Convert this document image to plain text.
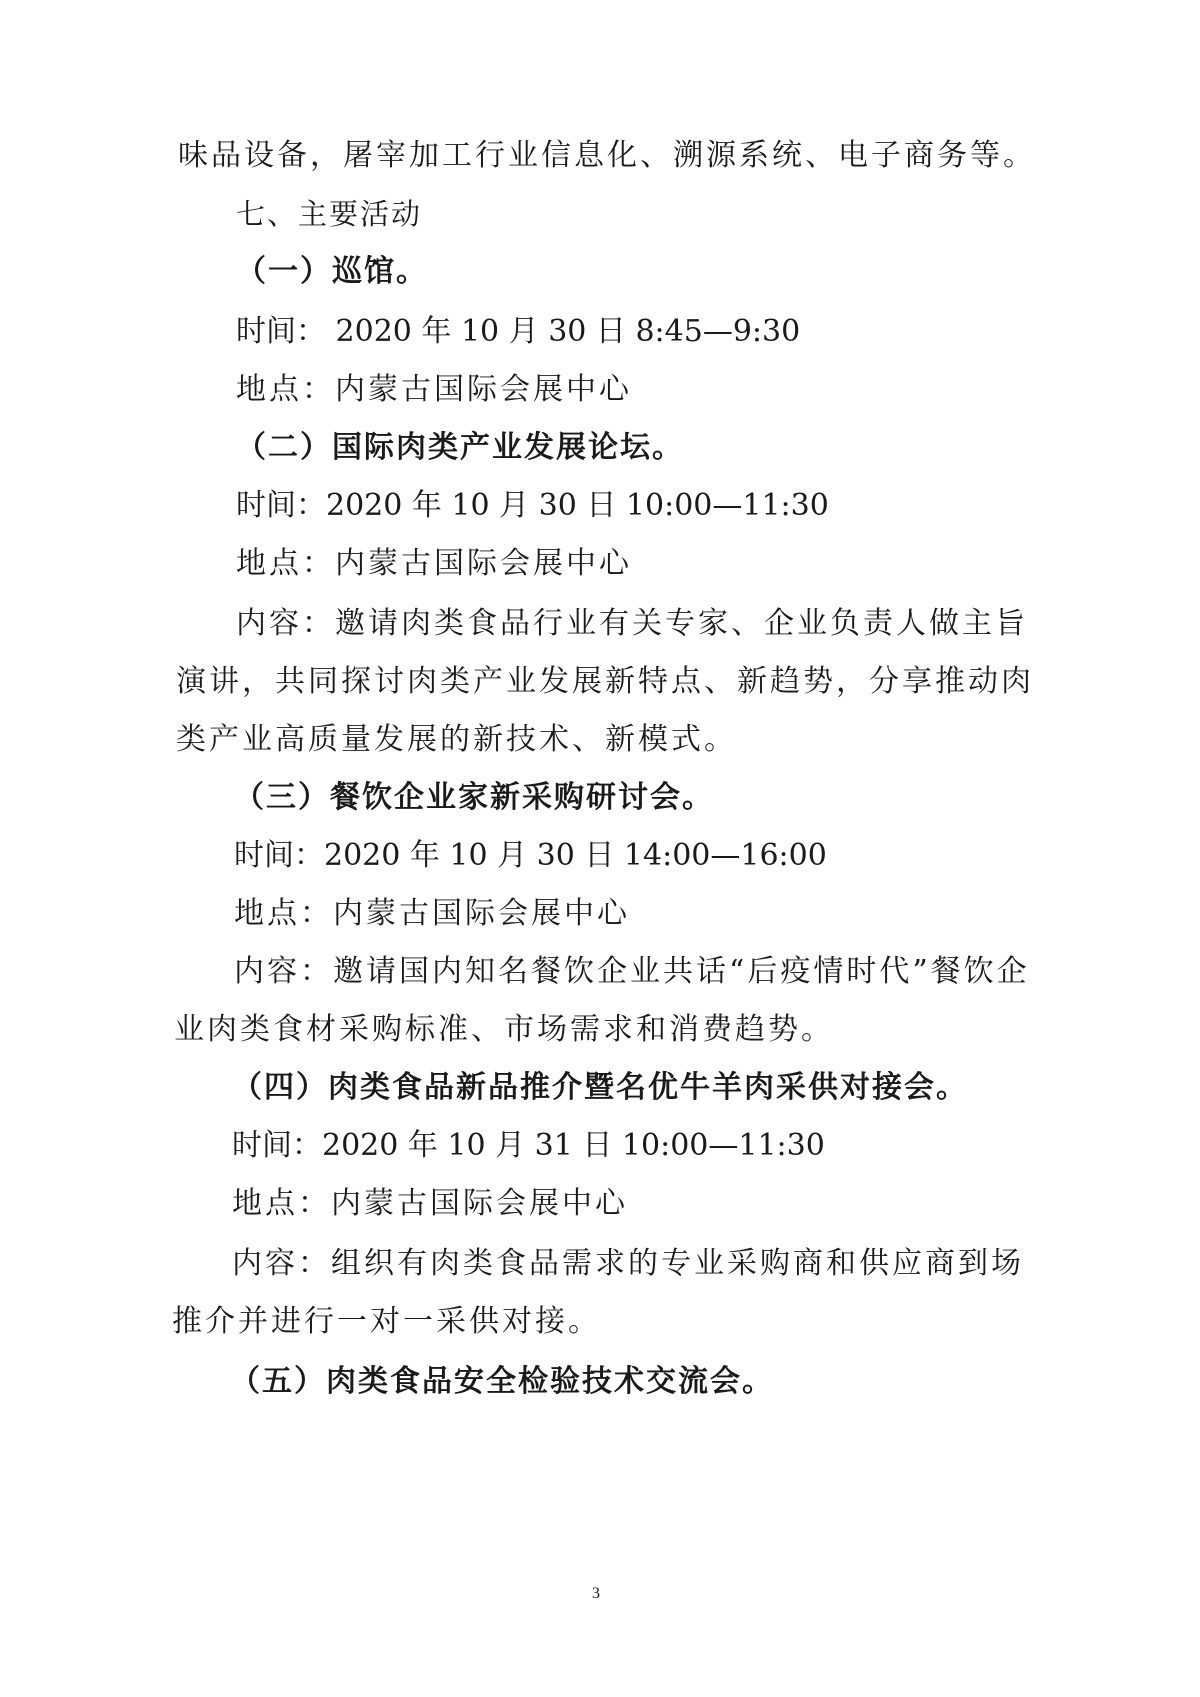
味品设备，屠宰加工行业信息化、溯源系统、电子商务等。
七、主要活动
（一）巡馆。
时间： 2020 年 10 月 30 日 8:45—9:30
地点：内蒙古国际会展中心
（二）国际肉类产业发展论坛。
时间：2020 年 10 月 30 日 10:00—11:30
地点：内蒙古国际会展中心
内容：邀请肉类食品行业有关专家、企业负责人做主旨
演讲，共同探讨肉类产业发展新特点、新趋势，分享推动肉
类产业高质量发展的新技术、新模式。
（三）餐饮企业家新采购研讨会。
时间：2020 年 10 月 30 日 14:00—16:00
地点：内蒙古国际会展中心
内容：邀请国内知名餐饮企业共话“后疫情时代”餐饮企
业肉类食材采购标准、市场需求和消费趋势。
（四）肉类食品新品推介暨名优牛羊肉采供对接会。
时间：2020 年 10 月 31 日 10:00—11:30
地点：内蒙古国际会展中心
内容：组织有肉类食品需求的专业采购商和供应商到场
推介并进行一对一采供对接。
（五）肉类食品安全检验技术交流会。
3
